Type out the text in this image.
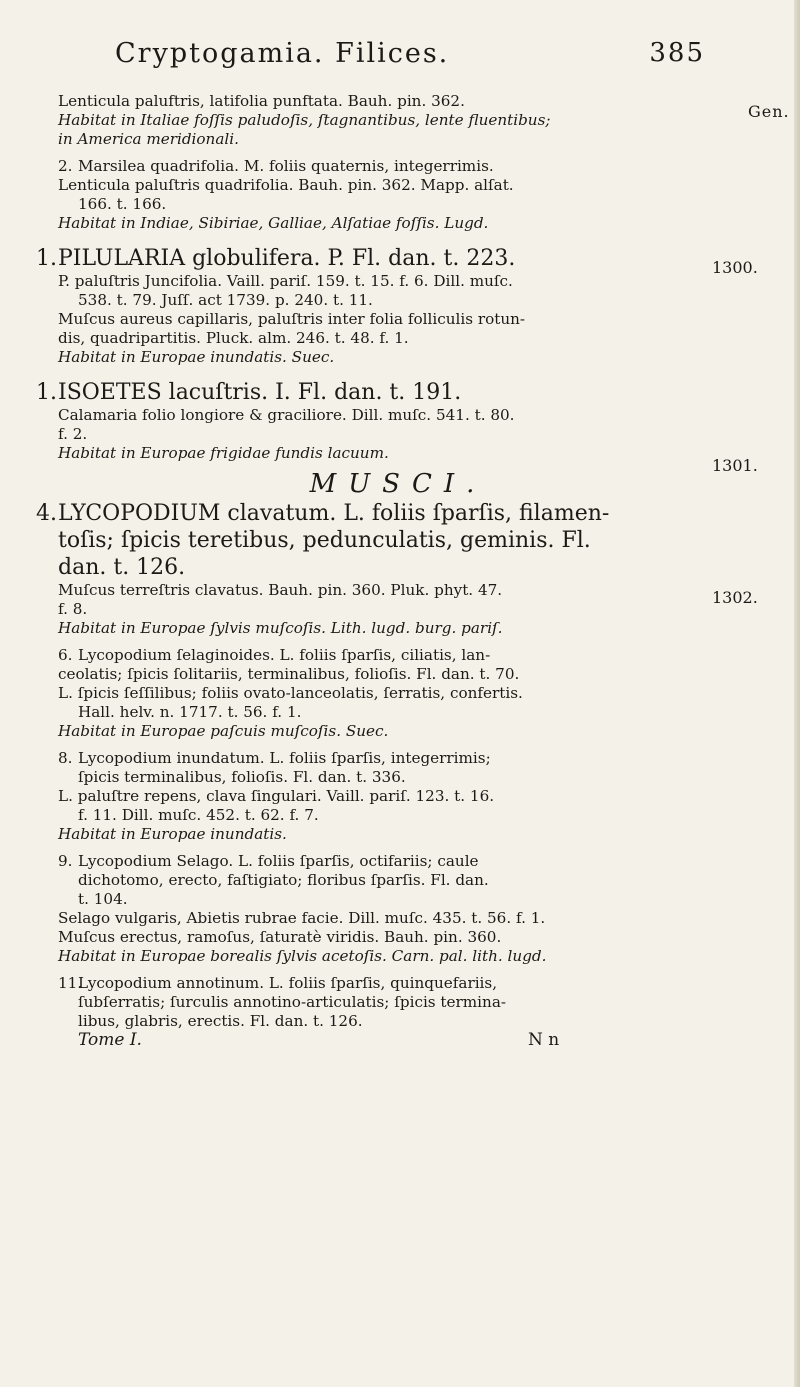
Cryptogamia. Filices.	385
Gen.
1300.
1301.
1302.

Lenticula paluftris, latifolia punftata. Bauh. pin. 362.

Habitat in Italiae foſſis paludoſis, ſtagnantibus, lente fluentibus;

in America meridionali.

2. Marsilea quadrifolia. M. foliis quaternis, integerrimis.

Lenticula paluſtris quadrifolia. Bauh. pin. 362. Mapp. alſat.

166. t. 166.

Habitat in Indiae, Sibiriae, Galliae, Alſatiae foſſis. Lugd.

1. PILULARIA globulifera. P. Fl. dan. t. 223.

P. paluſtris Juncifolia. Vaill. pariſ. 159. t. 15. f. 6. Dill. muſc.

538. t. 79. Juſſ. act 1739. p. 240. t. 11.

Muſcus aureus capillaris, paluſtris inter folia folliculis rotun-

dis, quadripartitis. Pluck. alm. 246. t. 48. f. 1.

Habitat in Europae inundatis. Suec.

1. ISOETES lacuſtris. I. Fl. dan. t. 191.

Calamaria folio longiore & graciliore. Dill. muſc. 541. t. 80.

f. 2.

Habitat in Europae frigidae fundis lacuum.

MUSCI.

4. LYCOPODIUM clavatum. L. foliis ſparſis, filamen-

toſis; ſpicis teretibus, pedunculatis, geminis. Fl.

dan. t. 126.

Muſcus terreſtris clavatus. Bauh. pin. 360. Pluk. phyt. 47.

f. 8.

Habitat in Europae ſylvis muſcoſis. Lith. lugd. burg. pariſ.

6. Lycopodium ſelaginoides. L. foliis ſparſis, ciliatis, lan-

ceolatis; ſpicis ſolitariis, terminalibus, folioſis. Fl. dan. t. 70.

L. ſpicis ſeſſilibus; foliis ovato-lanceolatis, ſerratis, confertis.

Hall. helv. n. 1717. t. 56. f. 1.

Habitat in Europae paſcuis muſcoſis. Suec.

8. Lycopodium inundatum. L. foliis ſparſis, integerrimis;

ſpicis terminalibus, folioſis. Fl. dan. t. 336.

L. paluſtre repens, clava ſingulari. Vaill. pariſ. 123. t. 16.

f. 11. Dill. muſc. 452. t. 62. f. 7.

Habitat in Europae inundatis.

9. Lycopodium Selago. L. foliis ſparſis, octifariis; caule

dichotomo, erecto, faſtigiato; floribus ſparſis. Fl. dan.

t. 104.

Selago vulgaris, Abietis rubrae facie. Dill. muſc. 435. t. 56. f. 1.

Muſcus erectus, ramoſus, ſaturatè viridis. Bauh. pin. 360.

Habitat in Europae borealis ſylvis acetoſis. Carn. pal. lith. lugd.

11.

Lycopodium annotinum. L. foliis ſparſis, quinquefariis,

ſubſerratis; ſurculis annotino-articulatis; ſpicis termina-

libus, glabris, erectis. Fl. dan. t. 126.

Tome I.	N n
